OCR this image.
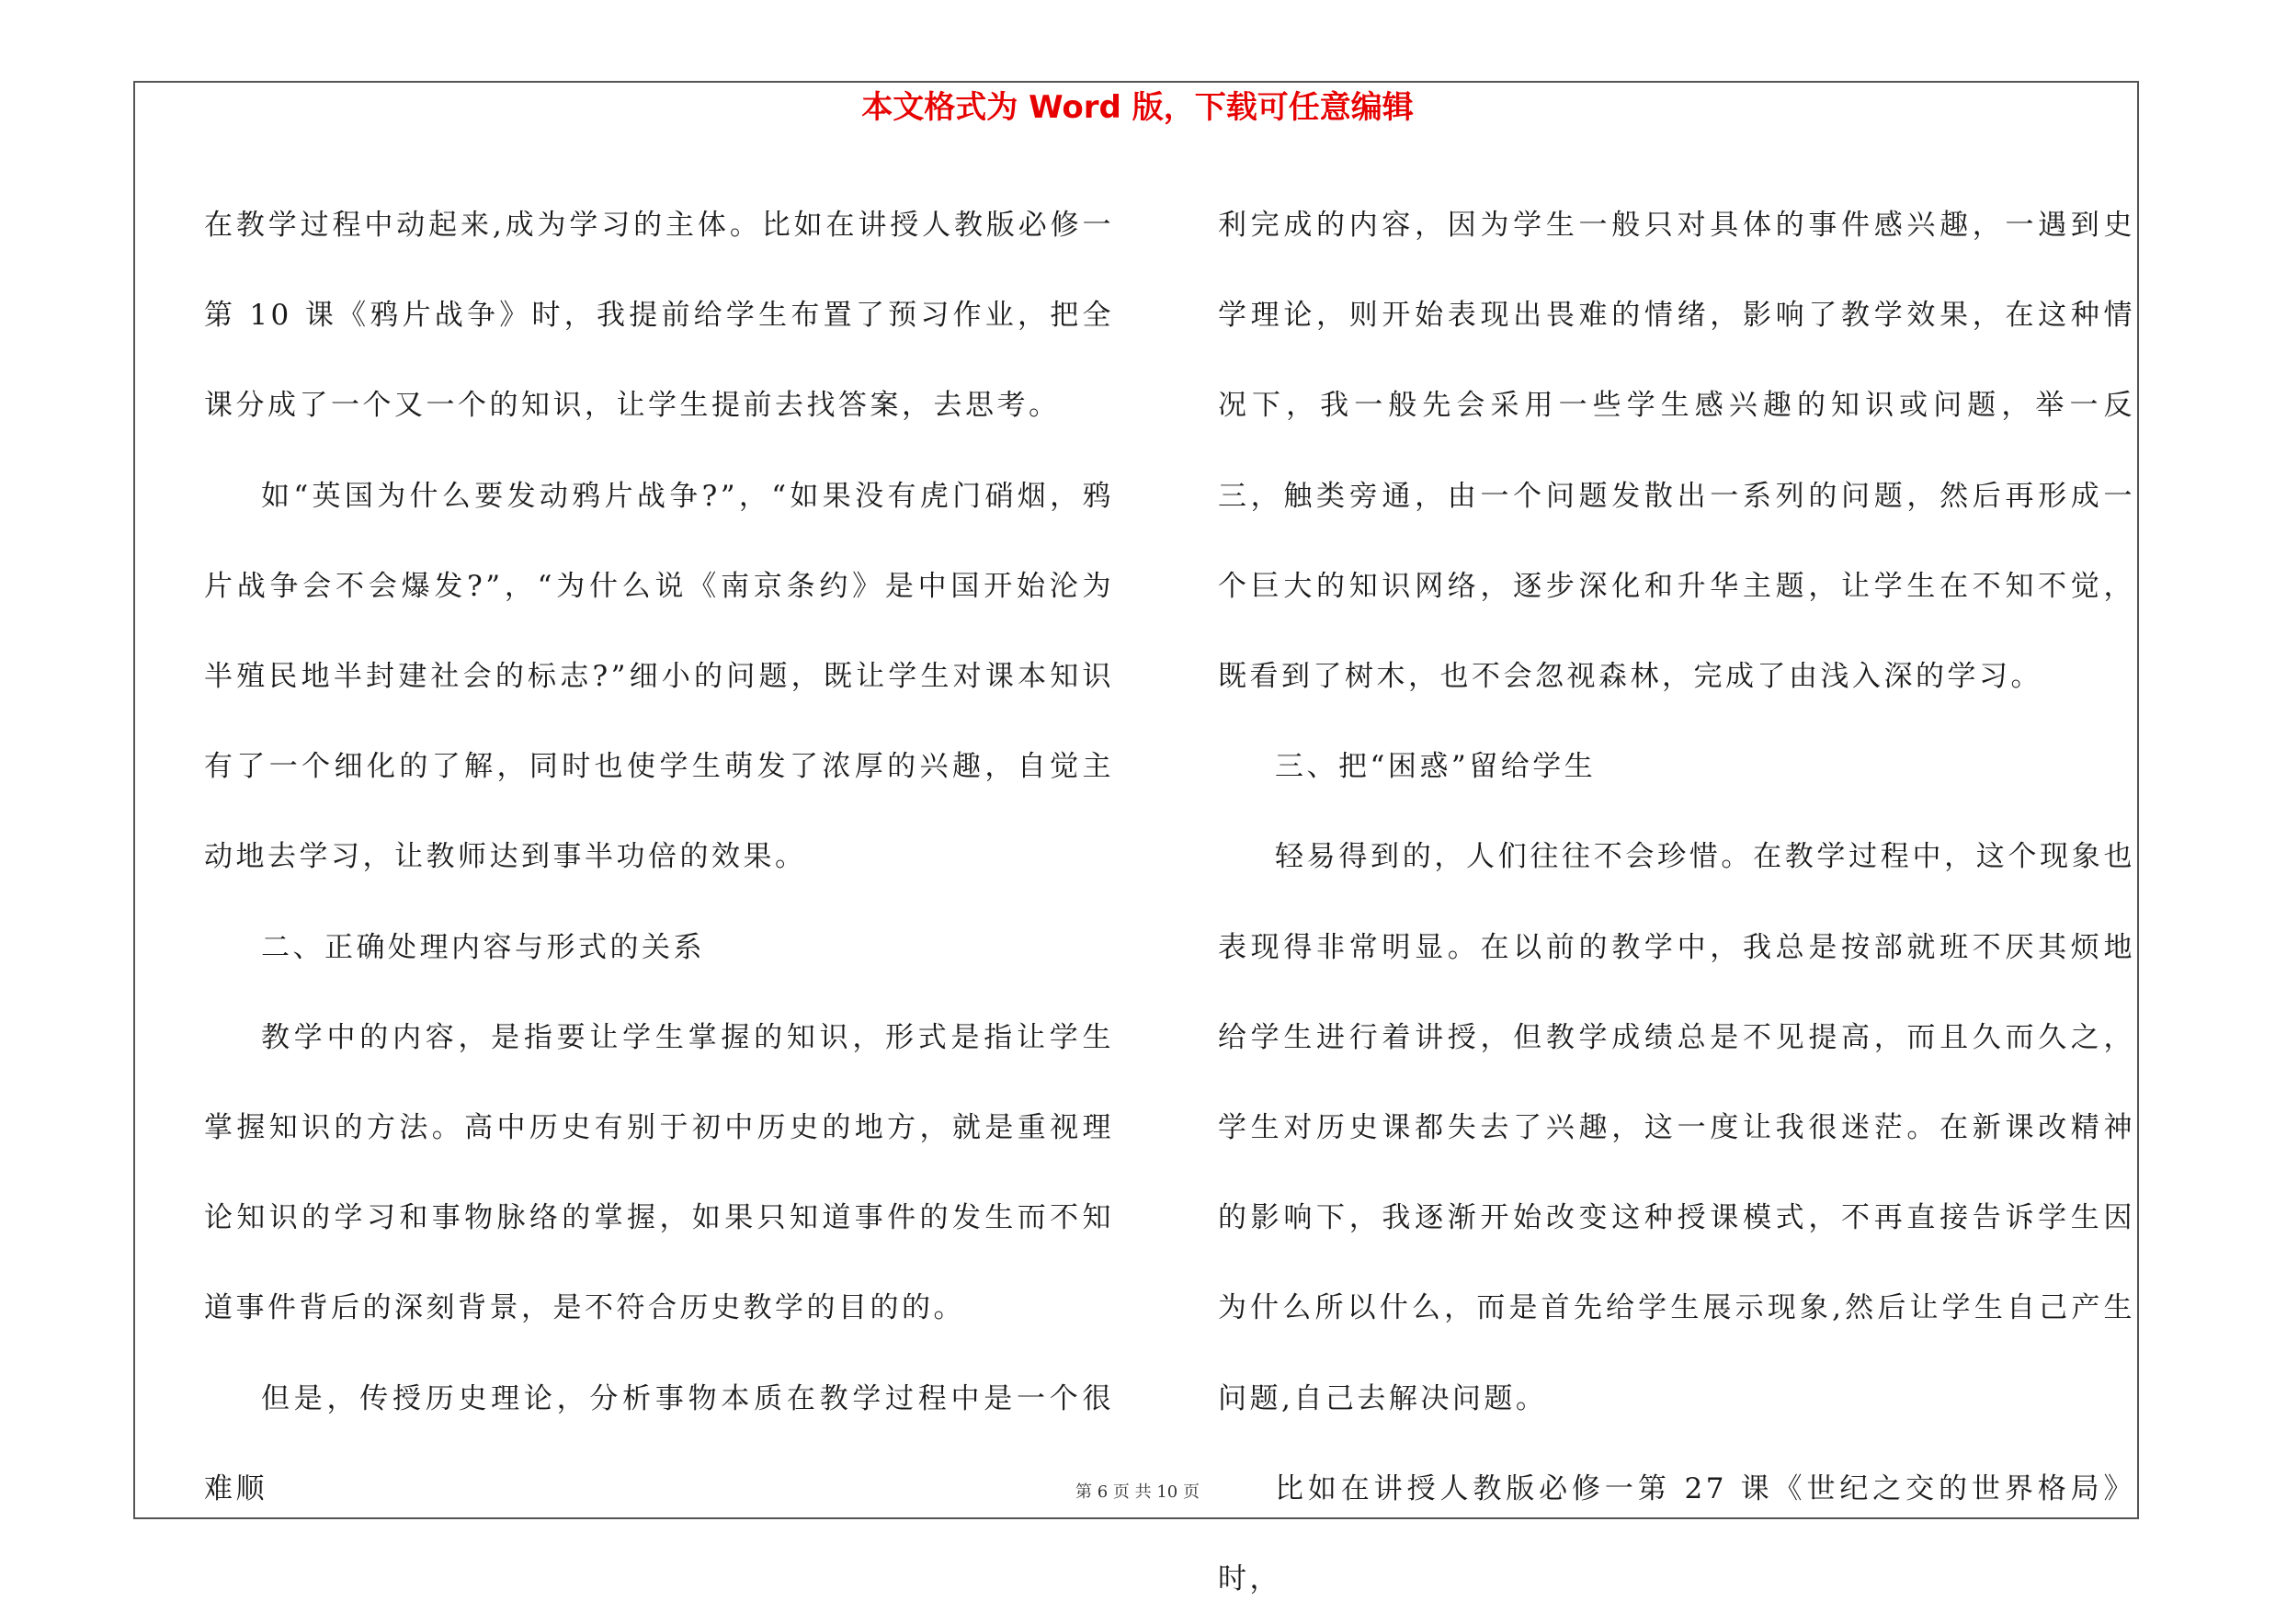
本文格式为 Word 版，下载可任意编辑

在教学过程中动起来,成为学习的主体。比如在讲授人教版必修一第 10 课《鸦片战争》时，我提前给学生布置了预习作业，把全课分成了一个又一个的知识，让学生提前去找答案，去思考。

如“英国为什么要发动鸦片战争?”，“如果没有虎门硝烟，鸦片战争会不会爆发?”，“为什么说《南京条约》是中国开始沦为半殖民地半封建社会的标志?”细小的问题，既让学生对课本知识有了一个细化的了解，同时也使学生萌发了浓厚的兴趣，自觉主动地去学习，让教师达到事半功倍的效果。

二、正确处理内容与形式的关系

教学中的内容，是指要让学生掌握的知识，形式是指让学生掌握知识的方法。高中历史有别于初中历史的地方，就是重视理论知识的学习和事物脉络的掌握，如果只知道事件的发生而不知道事件背后的深刻背景，是不符合历史教学的目的的。

但是，传授历史理论，分析事物本质在教学过程中是一个很难顺

利完成的内容，因为学生一般只对具体的事件感兴趣，一遇到史学理论，则开始表现出畏难的情绪，影响了教学效果，在这种情况下，我一般先会采用一些学生感兴趣的知识或问题，举一反三，触类旁通，由一个问题发散出一系列的问题，然后再形成一个巨大的知识网络，逐步深化和升华主题，让学生在不知不觉，既看到了树木，也不会忽视森林，完成了由浅入深的学习。

三、把“困惑”留给学生

轻易得到的，人们往往不会珍惜。在教学过程中，这个现象也表现得非常明显。在以前的教学中，我总是按部就班不厌其烦地给学生进行着讲授，但教学成绩总是不见提高，而且久而久之，学生对历史课都失去了兴趣，这一度让我很迷茫。在新课改精神的影响下，我逐渐开始改变这种授课模式，不再直接告诉学生因为什么所以什么，而是首先给学生展示现象,然后让学生自己产生问题,自己去解决问题。

比如在讲授人教版必修一第 27 课《世纪之交的世界格局》时，

第 6 页 共 10 页
